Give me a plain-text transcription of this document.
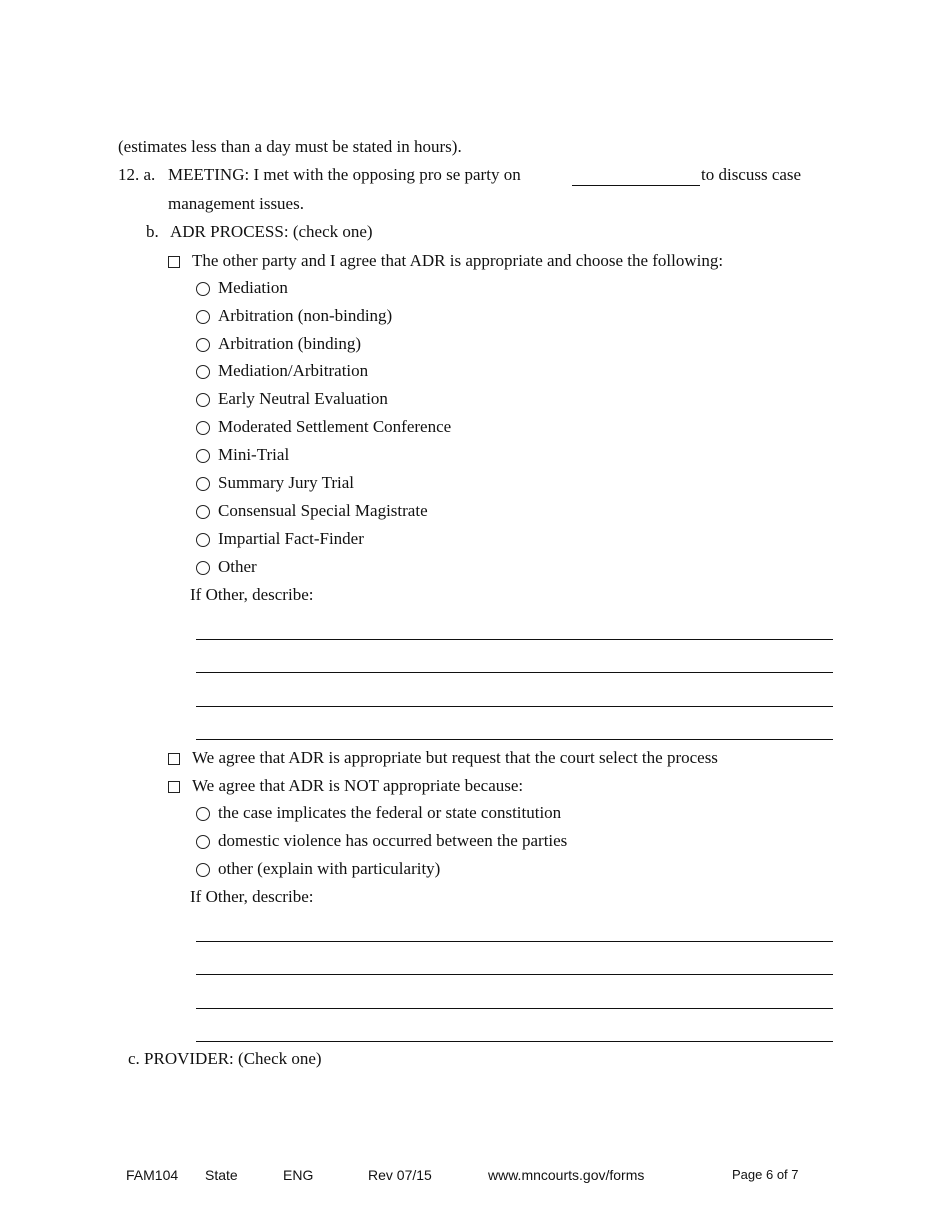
(estimates less than a day must be stated in hours).
12. a. MEETING: I met with the opposing pro se party on	to discuss case
management issues.
b. ADR PROCESS: (check one)
The other party and I agree that ADR is appropriate and choose the following:
Mediation
Arbitration (non-binding)
Arbitration (binding)
Mediation/Arbitration
Early Neutral Evaluation
Moderated Settlement Conference
Mini-Trial
Summary Jury Trial
Consensual Special Magistrate
Impartial Fact-Finder
Other
If Other, describe:
We agree that ADR is appropriate but request that the court select the process
We agree that ADR is NOT appropriate because:
the case implicates the federal or state constitution
domestic violence has occurred between the parties
other (explain with particularity)
If Other, describe:
c. PROVIDER: (Check one)
FAM104 State	ENG	Rev 07/15	www.mncourts.gov/forms	Page 6 of 7
